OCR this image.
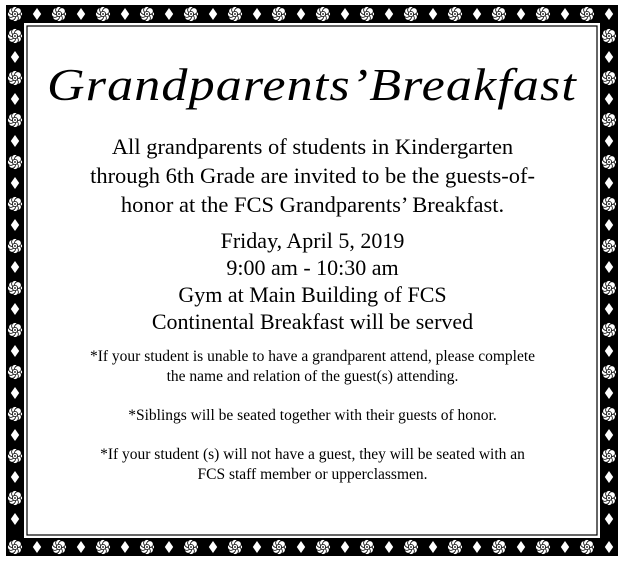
Grandparents’Breakfast
All grandparents of students in Kindergarten
through 6th Grade are invited to be the guests-of-
honor at the FCS Grandparents’ Breakfast.
Friday, April 5, 2019
9:00 am - 10:30 am
Gym at Main Building of FCS
Continental Breakfast will be served
*If your student is unable to have a grandparent attend, please complete
the name and relation of the guest(s) attending.
*Siblings will be seated together with their guests of honor.
*If your student (s) will not have a guest, they will be seated with an
FCS staff member or upperclassmen.
